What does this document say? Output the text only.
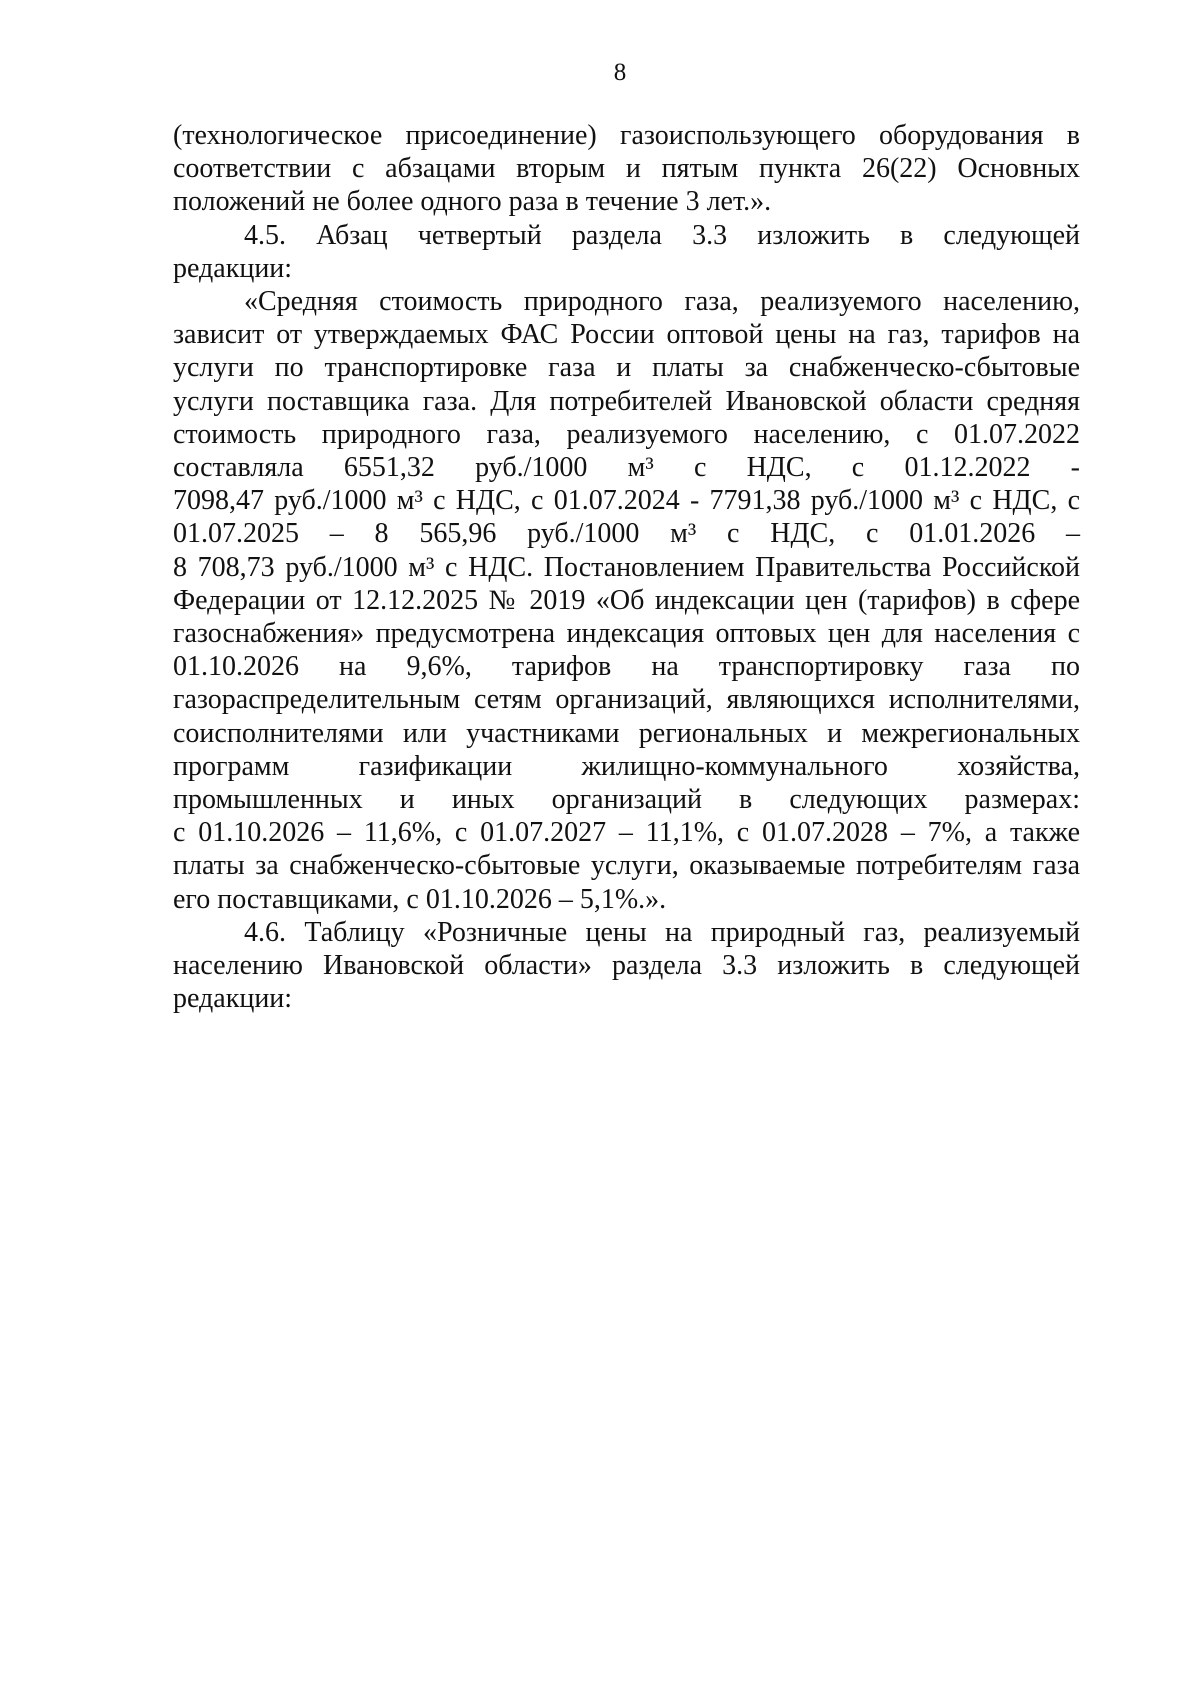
8

(технологическое присоединение) газоиспользующего оборудования в
соответствии с абзацами вторым и пятым пункта 26(22) Основных
положений не более одного раза в течение 3 лет.».

4.5. Абзац четвертый раздела 3.3 изложить в следующей
редакции:

«Средняя стоимость природного газа, реализуемого населению,
зависит от утверждаемых ФАС России оптовой цены на газ, тарифов на
услуги по транспортировке газа и платы за снабженческо-сбытовые
услуги поставщика газа. Для потребителей Ивановской области средняя
стоимость природного газа, реализуемого населению, с 01.07.2022
составляла 6551,32 руб./1000 м³ с НДС, с 01.12.2022 -
7098,47 руб./1000 м³ с НДС, с 01.07.2024 - 7791,38 руб./1000 м³ с НДС, с
01.07.2025 – 8 565,96 руб./1000 м³ с НДС, с 01.01.2026 –
8 708,73 руб./1000 м³ с НДС. Постановлением Правительства Российской
Федерации от 12.12.2025 № 2019 «Об индексации цен (тарифов) в сфере
газоснабжения» предусмотрена индексация оптовых цен для населения с
01.10.2026 на 9,6%, тарифов на транспортировку газа по
газораспределительным сетям организаций, являющихся исполнителями,
соисполнителями или участниками региональных и межрегиональных
программ газификации жилищно-коммунального хозяйства,
промышленных и иных организаций в следующих размерах:
с 01.10.2026 – 11,6%, с 01.07.2027 – 11,1%, с 01.07.2028 – 7%, а также
платы за снабженческо-сбытовые услуги, оказываемые потребителям газа
его поставщиками, с 01.10.2026 – 5,1%.».

4.6. Таблицу «Розничные цены на природный газ, реализуемый
населению Ивановской области» раздела 3.3 изложить в следующей
редакции:
